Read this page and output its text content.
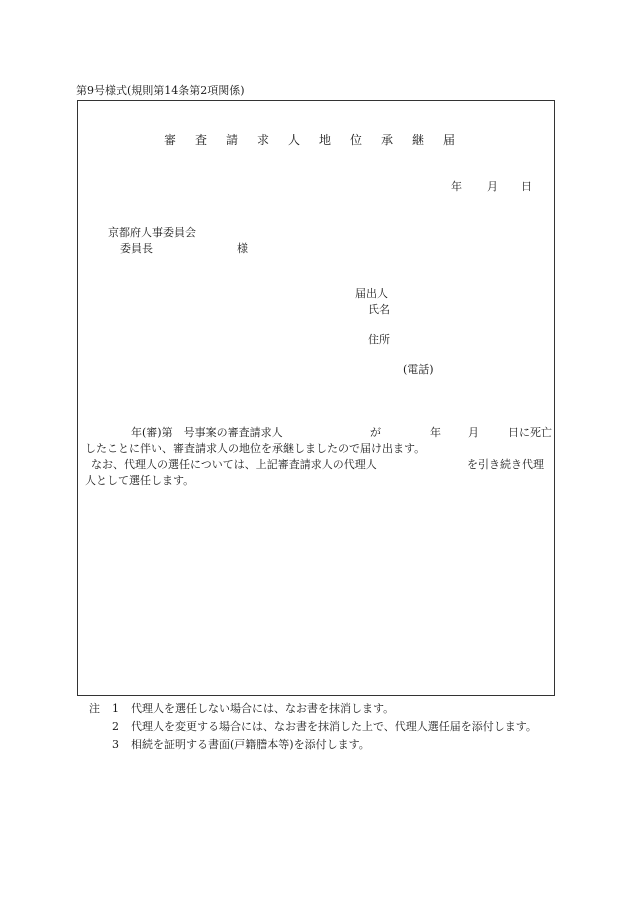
第9号様式(規則第14条第2項関係)
審査請求人地位承継届
年 月 日
京都府人事委員会
委員長	様
届出人
氏名
住所
(電話)
年(審)第　号事案の審査請求人	が	年 月	日に死亡
したことに伴い、審査請求人の地位を承継しましたので届け出ます。
なお、代理人の選任については、上記審査請求人の代理人	を引き続き代理
人として選任します。
注 1 代理人を選任しない場合には、なお書を抹消します。
2 代理人を変更する場合には、なお書を抹消した上で、代理人選任届を添付します。
3 相続を証明する書面(戸籍謄本等)を添付します。
